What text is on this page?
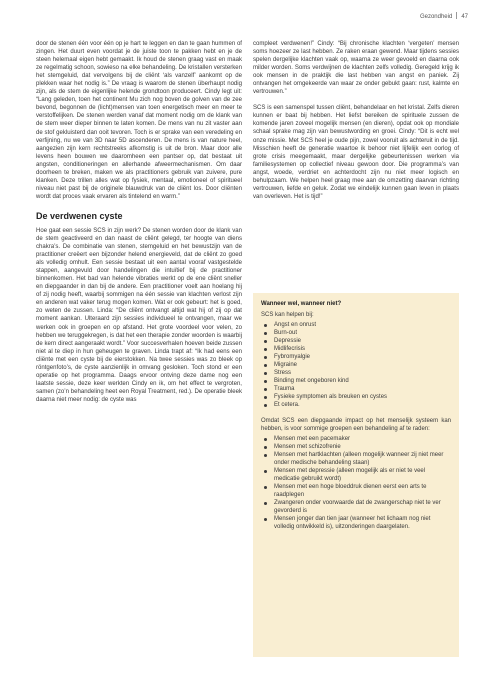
Gezondheid 47

door de stenen één voor één op je hart te leggen en dan te gaan hummen of zingen. Het duurt even voordat je de juiste toon te pakken hebt en je de steen helemaal eigen hebt gemaakt. Ik houd de stenen graag vast en maak ze regelmatig schoon, sowieso na elke behandeling. De kristallen versterken het stemgeluid, dat vervolgens bij de cliënt ‘als vanzelf’ aankomt op de plekken waar het nodig is.” De vraag is waarom de stenen überhaupt nodig zijn, als de stem de eigenlijke helende grondtoon produceert. Cindy legt uit: “Lang geleden, toen het continent Mu zich nog boven de golven van de zee bevond, begonnen de (licht)mensen van toen energetisch meer en meer te verstoffelijken. De stenen werden vanaf dat moment nodig om de klank van de stem weer dieper binnen te laten komen. De mens van nu zit vaster aan de stof gekluisterd dan ooit tevoren. Toch is er sprake van een veredeling en verfijning, nu we van 3D naar 5D ascenderen. De mens is van nature heel, aangezien zijn kern rechtstreeks afkomstig is uit de bron. Maar door alle levens heen bouwen we daaromheen een pantser op, dat bestaat uit angsten, conditioneringen en allerhande afweermechanismen. Om daar doorheen te breken, maken we als practitioners gebruik van zuivere, pure klanken. Deze trillen alles wat op fysiek, mentaal, emotioneel of spiritueel niveau niet past bij de originele blauwdruk van de cliënt los. Door cliënten wordt dat proces vaak ervaren als tintelend en warm.”

De verdwenen cyste

Hoe gaat een sessie SCS in zijn werk? De stenen worden door de klank van de stem geactiveerd en dan naast de cliënt gelegd, ter hoogte van diens chakra’s. De combinatie van stenen, stemgeluid en het bewustzijn van de practitioner creëert een bijzonder helend energieveld, dat de cliënt zo goed als volledig omhult. Een sessie bestaat uit een aantal vooraf vastgestelde stappen, aangevuld door handelingen die intuïtief bij de practitioner binnenkomen. Het bad van helende vibraties werkt op de ene cliënt sneller en diepgaander in dan bij de andere. Een practitioner voelt aan hoelang hij of zij nodig heeft, waarbij sommigen na één sessie van klachten verlost zijn en anderen wat vaker terug mogen komen. Wat er ook gebeurt: het is goed, zo weten de zussen. Linda: “De cliënt ontvangt altijd wat hij of zij op dat moment aankan. Ulteraard zijn sessies individueel te ontvangen, maar we werken ook in groepen en op afstand. Het grote voordeel voor velen, zo hebben we teruggekregen, is dat het een therapie zonder woorden is waarbij de kern direct aangeraakt wordt.” Voor succesverhalen hoeven beide zussen niet al te diep in hun geheugen te graven. Linda trapt af: “Ik had eens een cliënte met een cyste bij de eierstokken. Na twee sessies was zo bleek op röntgenfoto’s, de cyste aanzienlijk in omvang gesloken. Toch stond er een operatie op het programma. Daags ervoor ontving deze dame nog een laatste sessie, deze keer werkten Cindy en ik, om het effect te vergroten, samen (zo’n behandeling heet een Royal Treatment, red.). De operatie bleek daarna niet meer nodig: de cyste was

compleet verdwenen!” Cindy: “Bij chronische klachten ‘vergeten’ mensen soms hoezeer ze last hebben. Ze raken eraan gewend. Maar tijdens sessies spelen dergelijke klachten vaak op, waarna ze weer gevoeld en daarna ook milder worden. Soms verdwijnen de klachten zelfs volledig. Geregeld krijg ik ook mensen in de praktijk die last hebben van angst en paniek. Zij ontvangen het omgekeerde van waar ze onder gebukt gaan: rust, kalmte en vertrouwen.”

SCS is een samenspel tussen cliënt, behandelaar en het kristal. Zelfs dieren kunnen er baat bij hebben. Het liefst bereiken de spirituele zussen de komende jaren zoveel mogelijk mensen (en dieren), opdat ook op mondiale schaal sprake mag zijn van bewustwording en groei. Cindy: “Dit is echt wel onze missie. Met SCS heel je oude pijn, zowel vooruit als achteruit in de tijd. Misschien heeft de generatie waartoe ik behoor niet lijfelijk een oorlog of grote crisis meegemaakt, maar dergelijke gebeurtenissen werken via familiesystemen op collectief niveau gewoon door. Die programma’s van angst, woede, verdriet en achterdocht zijn nu niet meer logisch en behulpzaam. We helpen heel graag mee aan de omzetting daarvan richting vertrouwen, liefde en geluk. Zodat we eindelijk kunnen gaan leven in plaats van overleven. Het is tijd!”

Wanneer wel, wanneer niet?
SCS kan helpen bij:
Angst en onrust
Burn-out
Depressie
Midlifecrisis
Fybromyalgie
Migraine
Stress
Binding met ongeboren kind
Trauma
Fysieke symptomen als breuken en cystes
Et cetera.
Omdat SCS een diepgaande impact op het menselijk systeem kan hebben, is voor sommige groepen een behandeling af te raden:
Mensen met een pacemaker
Mensen met schizofrenie
Mensen met hartklachten (alleen mogelijk wanneer zij niet meer onder medische behandeling staan)
Mensen met depressie (alleen mogelijk als er niet te veel medicatie gebruikt wordt)
Mensen met een hoge bloeddruk dienen eerst een arts te raadplegen
Zwangeren onder voorwaarde dat de zwangerschap niet te ver gevorderd is
Mensen jonger dan tien jaar (wanneer het lichaam nog niet volledig ontwikkeld is), uitzonderingen daargelaten.
